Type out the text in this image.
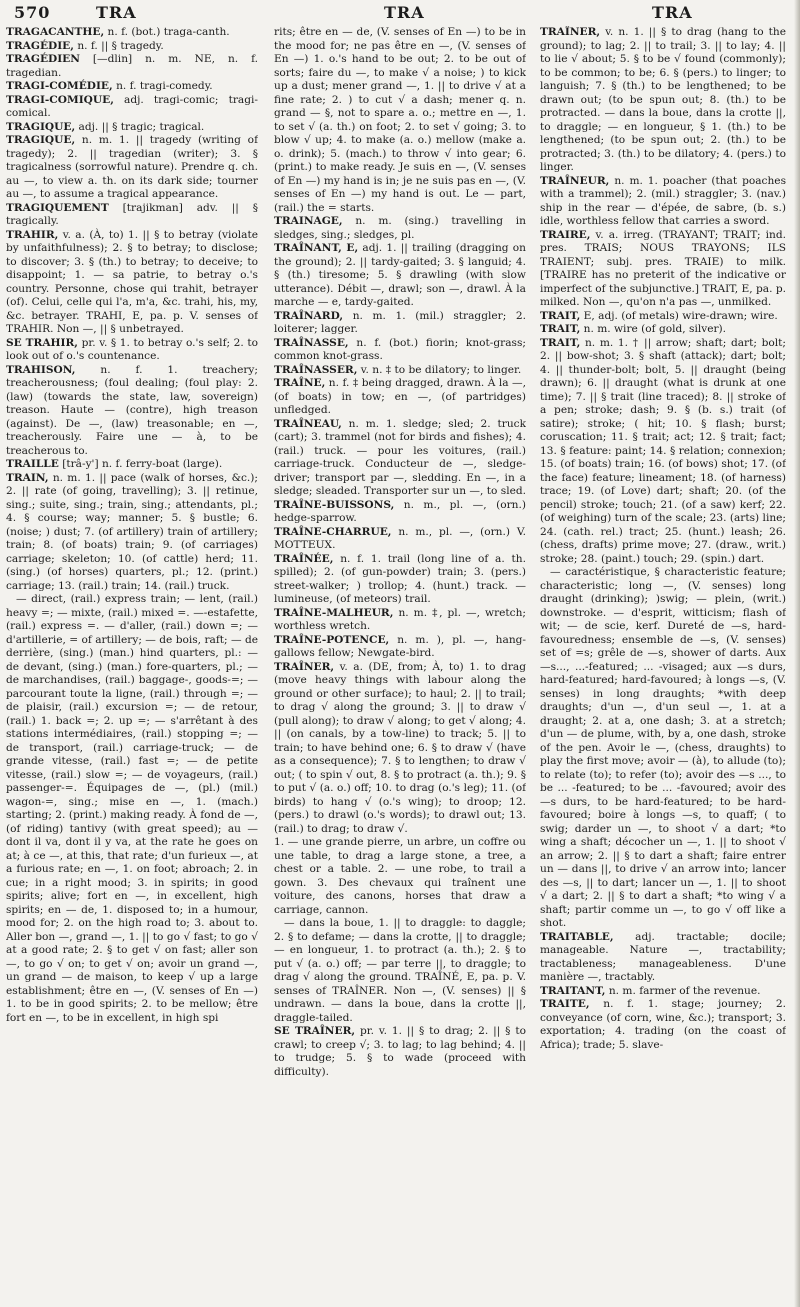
570	TRA	TRA	TRA

TRAGACANTHE, n. f. (bot.) traga-canth.

TRAGÉDIE, n. f. || § tragedy.

TRAGÉDIEN [—dlin] n. m. NE, n. f. tragedian.

TRAGI-COMÉDIE, n. f. tragi-comedy.

TRAGI-COMIQUE, adj. tragi-comic; tragi-comical.

TRAGIQUE, adj. || § tragic; tragical.

TRAGIQUE, n. m. 1. || tragedy (writing of tragedy); 2. || tragedian (writer); 3. § tragicalness (sorrowful nature). Prendre q. ch. au —, to view a. th. on its dark side; tourner au —, to assume a tragical appearance.

TRAGIQUEMENT [trajikman] adv. || § tragically.

TRAHIR, v. a. (À, to) 1. || § to betray (violate by unfaithfulness); 2. § to betray; to disclose; to discover; 3. § (th.) to betray; to deceive; to disappoint; 1. — sa patrie, to betray o.'s country. Personne, chose qui trahit, betrayer (of). Celui, celle qui l'a, m'a, &c. trahi, his, my, &c. betrayer. TRAHI, E, pa. p. V. senses of TRAHIR. Non —, || § unbetrayed.

SE TRAHIR, pr. v. § 1. to betray o.'s self; 2. to look out of o.'s countenance.

TRAHISON, n. f. 1. treachery; treacherousness; (foul dealing; (foul play: 2. (law) (towards the state, law, sovereign) treason. Haute — (contre), high treason (against). De —, (law) treasonable; en —, treacherously. Faire une — à, to be treacherous to.

TRAILLE [trâ-y'] n. f. ferry-boat (large).

TRAIN, n. m. 1. || pace (walk of horses, &c.); 2. || rate (of going, travelling); 3. || retinue, sing.; suite, sing.; train, sing.; attendants, pl.; 4. § course; way; manner; 5. § bustle; 6. (noise; ) dust; 7. (of artillery) train of artillery; train; 8. (of boats) train; 9. (of carriages) carriage; skeleton; 10. (of cattle) herd; 11. (sing.) (of horses) quarters, pl.; 12. (print.) carriage; 13. (rail.) train; 14. (rail.) truck.

— direct, (rail.) express train; — lent, (rail.) heavy =; — mixte, (rail.) mixed =. —-estafette, (rail.) express =. — d'aller, (rail.) down =; — d'artillerie, = of artillery; — de bois, raft; — de derrière, (sing.) (man.) hind quarters, pl.: — de devant, (sing.) (man.) fore-quarters, pl.; — de marchandises, (rail.) baggage-, goods-=; — parcourant toute la ligne, (rail.) through =; — de plaisir, (rail.) excursion =; — de retour, (rail.) 1. back =; 2. up =; — s'arrêtant à des stations intermédiaires, (rail.) stopping =; — de transport, (rail.) carriage-truck; — de grande vitesse, (rail.) fast =; — de petite vitesse, (rail.) slow =; — de voyageurs, (rail.) passenger-=. Équipages de —, (pl.) (mil.) wagon-=, sing.; mise en —, 1. (mach.) starting; 2. (print.) making ready. À fond de —, (of riding) tantivy (with great speed); au — dont il va, dont il y va, at the rate he goes on at; à ce —, at this, that rate; d'un furieux —, at a furious rate; en —, 1. on foot; abroach; 2. in cue; in a right mood; 3. in spirits; in good spirits; alive; fort en —, in excellent, high spirits; en — de, 1. disposed to; in a humour, mood for; 2. on the high road to; 3. about to. Aller bon —, grand —, 1. || to go √ fast; to go √ at a good rate; 2. § to get √ on fast; aller son —, to go √ on; to get √ on; avoir un grand —, un grand — de maison, to keep √ up a large establishment; être en —, (V. senses of En —) 1. to be in good spirits; 2. to be mellow; être fort en —, to be in excellent, in high spi

rits; être en — de, (V. senses of En —) to be in the mood for; ne pas être en —, (V. senses of En —) 1. o.'s hand to be out; 2. to be out of sorts; faire du —, to make √ a noise; ) to kick up a dust; mener grand —, 1. || to drive √ at a fine rate; 2. ) to cut √ a dash; mener q. n. grand — §, not to spare a. o.; mettre en —, 1. to set √ (a. th.) on foot; 2. to set √ going; 3. to blow √ up; 4. to make (a. o.) mellow (make a. o. drink); 5. (mach.) to throw √ into gear; 6. (print.) to make ready. Je suis en —, (V. senses of En —) my hand is in; je ne suis pas en —, (V. senses of En —) my hand is out. Le — part, (rail.) the = starts.

TRAINAGE, n. m. (sing.) travelling in sledges, sing.; sledges, pl.

TRAÎNANT, E, adj. 1. || trailing (dragging on the ground); 2. || tardy-gaited; 3. § languid; 4. § (th.) tiresome; 5. § drawling (with slow utterance). Débit —, drawl; son —, drawl. À la marche — e, tardy-gaited.

TRAÎNARD, n. m. 1. (mil.) straggler; 2. loiterer; lagger.

TRAÎNASSE, n. f. (bot.) fiorin; knot-grass; common knot-grass.

TRAÎNASSER, v. n. ‡ to be dilatory; to linger.

TRAÎNE, n. f. ‡ being dragged, drawn. À la —, (of boats) in tow; en —, (of partridges) unfledged.

TRAÎNEAU, n. m. 1. sledge; sled; 2. truck (cart); 3. trammel (not for birds and fishes); 4. (rail.) truck. — pour les voitures, (rail.) carriage-truck. Conducteur de —, sledge-driver; transport par —, sledding. En —, in a sledge; sleaded. Transporter sur un —, to sled.

TRAÎNE-BUISSONS, n. m., pl. —, (orn.) hedge-sparrow.

TRAÎNE-CHARRUE, n. m., pl. —, (orn.) V. MOTTEUX.

TRAÎNÉE, n. f. 1. trail (long line of a. th. spilled); 2. (of gun-powder) train; 3. (pers.) street-walker; ) trollop; 4. (hunt.) track. — lumineuse, (of meteors) trail.

TRAÎNE-MALHEUR, n. m. ‡, pl. —, wretch; worthless wretch.

TRAÎNE-POTENCE, n. m. ), pl. —, hang-gallows fellow; Newgate-bird.

TRAÎNER, v. a. (DE, from; À, to) 1. to drag (move heavy things with labour along the ground or other surface); to haul; 2. || to trail; to drag √ along the ground; 3. || to draw √ (pull along); to draw √ along; to get √ along; 4. || (on canals, by a tow-line) to track; 5. || to train; to have behind one; 6. § to draw √ (have as a consequence); 7. § to lengthen; to draw √ out; ( to spin √ out, 8. § to protract (a. th.); 9. § to put √ (a. o.) off; 10. to drag (o.'s leg); 11. (of birds) to hang √ (o.'s wing); to droop; 12. (pers.) to drawl (o.'s words); to drawl out; 13. (rail.) to drag; to draw √.

1. — une grande pierre, un arbre, un coffre ou une table, to drag a large stone, a tree, a chest or a table. 2. — une robe, to trail a gown. 3. Des chevaux qui traînent une voiture, des canons, horses that draw a carriage, cannon.

— dans la boue, 1. || to draggle: to daggle; 2. § to defame; — dans la crotte, || to draggle; — en longueur, 1. to protract (a. th.); 2. § to put √ (a. o.) off; — par terre ||, to draggle; to drag √ along the ground. TRAÎNÉ, E, pa. p. V. senses of TRAÎNER. Non —, (V. senses) || § undrawn. — dans la boue, dans la crotte ||, draggle-tailed.

SE TRAÎNER, pr. v. 1. || § to drag; 2. || § to crawl; to creep √; 3. to lag; to lag behind; 4. || to trudge; 5. § to wade (proceed with difficulty).

TRAÎNER, v. n. 1. || § to drag (hang to the ground); to lag; 2. || to trail; 3. || to lay; 4. || to lie √ about; 5. § to be √ found (commonly); to be common; to be; 6. § (pers.) to linger; to languish; 7. § (th.) to be lengthened; to be drawn out; (to be spun out; 8. (th.) to be protracted. — dans la boue, dans la crotte ||, to draggle; — en longueur, § 1. (th.) to be lengthened; (to be spun out; 2. (th.) to be protracted; 3. (th.) to be dilatory; 4. (pers.) to linger.

TRAÎNEUR, n. m. 1. poacher (that poaches with a trammel); 2. (mil.) straggler; 3. (nav.) ship in the rear — d'épée, de sabre, (b. s.) idle, worthless fellow that carries a sword.

TRAIRE, v. a. irreg. (TRAYANT; TRAIT; ind. pres. TRAIS; NOUS TRAYONS; ILS TRAIENT; subj. pres. TRAIE) to milk. [TRAIRE has no preterit of the indicative or imperfect of the subjunctive.] TRAIT, E, pa. p. milked. Non —, qu'on n'a pas —, unmilked.

TRAIT, E, adj. (of metals) wire-drawn; wire.

TRAIT, n. m. wire (of gold, silver).

TRAIT, n. m. 1. † || arrow; shaft; dart; bolt; 2. || bow-shot; 3. § shaft (attack); dart; bolt; 4. || thunder-bolt; bolt, 5. || draught (being drawn); 6. || draught (what is drunk at one time); 7. || § trait (line traced); 8. || stroke of a pen; stroke; dash; 9. § (b. s.) trait (of satire); stroke; ( hit; 10. § flash; burst; coruscation; 11. § trait; act; 12. § trait; fact; 13. § feature: paint; 14. § relation; connexion; 15. (of boats) train; 16. (of bows) shot; 17. (of the face) feature; lineament; 18. (of harness) trace; 19. (of Love) dart; shaft; 20. (of the pencil) stroke; touch; 21. (of a saw) kerf; 22. (of weighing) turn of the scale; 23. (arts) line; 24. (cath. rel.) tract; 25. (hunt.) leash; 26. (chess, drafts) prime move; 27. (draw., writ.) stroke; 28. (paint.) touch; 29. (spin.) dart.

— caractéristique, § characteristic feature; characteristic; long —, (V. senses) long draught (drinking); )swig; — plein, (writ.) downstroke. — d'esprit, witticism; flash of wit; — de scie, kerf. Dureté de —s, hard-favouredness; ensemble de —s, (V. senses) set of =s; grêle de —s, shower of darts. Aux —s..., ...-featured; ... -visaged; aux —s durs, hard-featured; hard-favoured; à longs —s, (V. senses) in long draughts; *with deep draughts; d'un —, d'un seul —, 1. at a draught; 2. at a, one dash; 3. at a stretch; d'un — de plume, with, by a, one dash, stroke of the pen. Avoir le —, (chess, draughts) to play the first move; avoir — (à), to allude (to); to relate (to); to refer (to); avoir des —s ..., to be ... -featured; to be ... -favoured; avoir des —s durs, to be hard-featured; to be hard-favoured; boire à longs —s, to quaff; ( to swig; darder un —, to shoot √ a dart; *to wing a shaft; décocher un —, 1. || to shoot √ an arrow; 2. || § to dart a shaft; faire entrer un — dans ||, to drive √ an arrow into; lancer des —s, || to dart; lancer un —, 1. || to shoot √ a dart; 2. || § to dart a shaft; *to wing √ a shaft; partir comme un —, to go √ off like a shot.

TRAITABLE, adj. tractable; docile; manageable. Nature —, tractability; tractableness; manageableness. D'une manière —, tractably.

TRAITANT, n. m. farmer of the revenue.

TRAITE, n. f. 1. stage; journey; 2. conveyance (of corn, wine, &c.); transport; 3. exportation; 4. trading (on the coast of Africa); trade; 5. slave-
